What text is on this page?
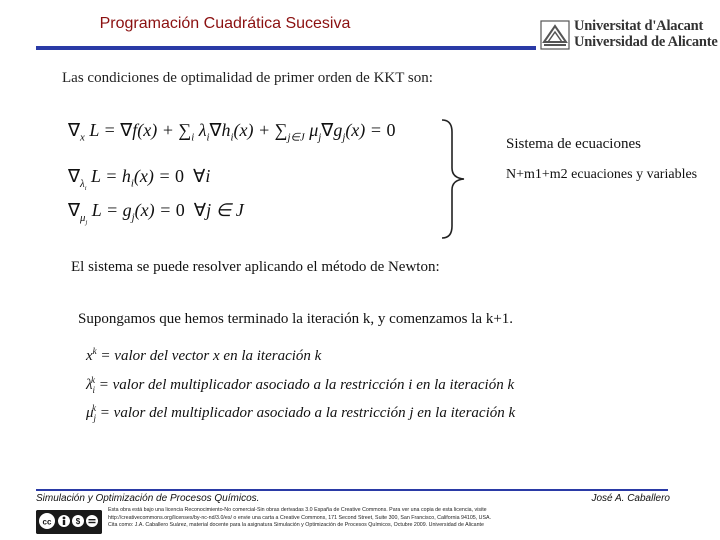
Programación Cuadrática Sucesiva	Universitat d'Alacant
Universidad de Alicante
Las condiciones de optimalidad de primer orden de KKT son:
$\nabla_x$ $L = \nabla f(x) + \sum_i$ $\lambda_i\nabla h_i(x) + \sum_{j\in J}$ $\mu_j\nabla g_j(x) = 0$
$\nabla_{\lambda_i}$ $L = h_i(x) = 0$ ∀i
$\nabla_{\mu_j}$ $L = g_j(x) = 0$ ∀j ∈ J
Sistema de ecuaciones
N+m1+m2 ecuaciones y variables
El sistema se puede resolver aplicando el método de Newton:
Supongamos que hemos terminado la iteración k, y comenzamos la k+1.
$x^k$ = valor del vector x en la iteración k
$\lambda_i^k$ = valor del multiplicador asociado a la restricción i en la iteración k
$\mu_j^k$ = valor del multiplicador asociado a la restricción j en la iteración k
Simulación y Optimización de Procesos Químicos.	José A. Caballero
cc	$
Esta obra está bajo una licencia Reconocimiento-No comercial-Sin obras derivadas 3.0 España de Creative Commons. Para ver una copia de esta licencia, visite
http://creativecommons.org/licenses/by-nc-nd/3.0/es/ o envie una carta a Creative Commons, 171 Second Street, Suite 300, San Francisco, California 94105, USA.
Cita como: J.A. Caballero Suárez, material docente para la asignatura Simulación y Optimización de Procesos Químicos, Octubre 2009. Universidad de Alicante
